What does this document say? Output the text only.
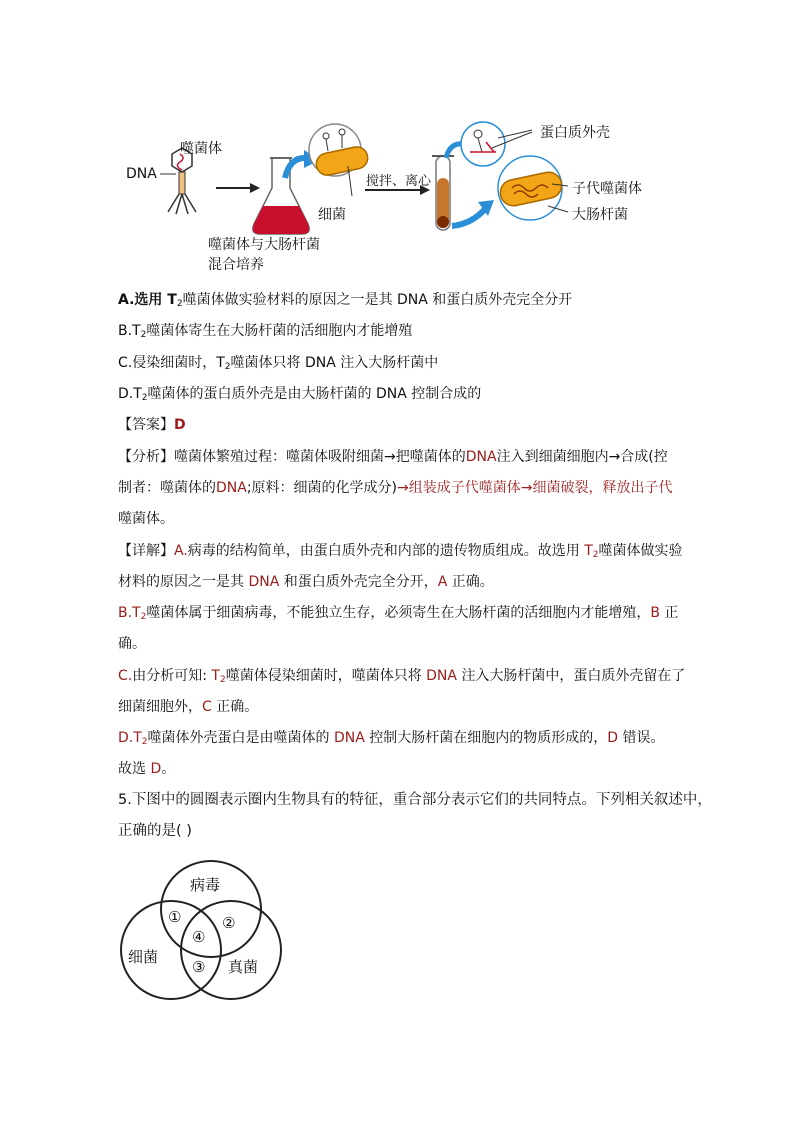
噬菌体
DNA
细菌
噬菌体与大肠杆菌
混合培养
搅拌、离心
蛋白质外壳
子代噬菌体
大肠杆菌
A.选用 $T_2$噬菌体做实验材料的原因之一是其 DNA 和蛋白质外壳完全分开
$B.T_2$噬菌体寄生在大肠杆菌的活细胞内才能增殖
C.侵染细菌时，$T_2$噬菌体只将 DNA 注入大肠杆菌中
$D.T_2$噬菌体的蛋白质外壳是由大肠杆菌的 DNA 控制合成的
【答案】D
【分析】噬菌体繁殖过程：噬菌体吸附细菌→把噬菌体的DNA注入到细菌细胞内→合成(控
制者：噬菌体的DNA;原料：细菌的化学成分)→组装成子代噬菌体→细菌破裂，释放出子代
噬菌体。
【详解】A.病毒的结构简单，由蛋白质外壳和内部的遗传物质组成。故选用 $T_2$噬菌体做实验
材料的原因之一是其 DNA 和蛋白质外壳完全分开，A 正确。
$B.T_2$噬菌体属于细菌病毒，不能独立生存，必须寄生在大肠杆菌的活细胞内才能增殖，B 正
确。
C.由分析可知: $T_2$噬菌体侵染细菌时，噬菌体只将 DNA 注入大肠杆菌中，蛋白质外壳留在了
细菌细胞外，C 正确。
$D.T_2$噬菌体外壳蛋白是由噬菌体的 DNA 控制大肠杆菌在细胞内的物质形成的，D 错误。
故选 D。
5.下图中的圆圈表示圈内生物具有的特征，重合部分表示它们的共同特点。下列相关叙述中，
正确的是( )
病毒
细菌
真菌
①	②
③
④
